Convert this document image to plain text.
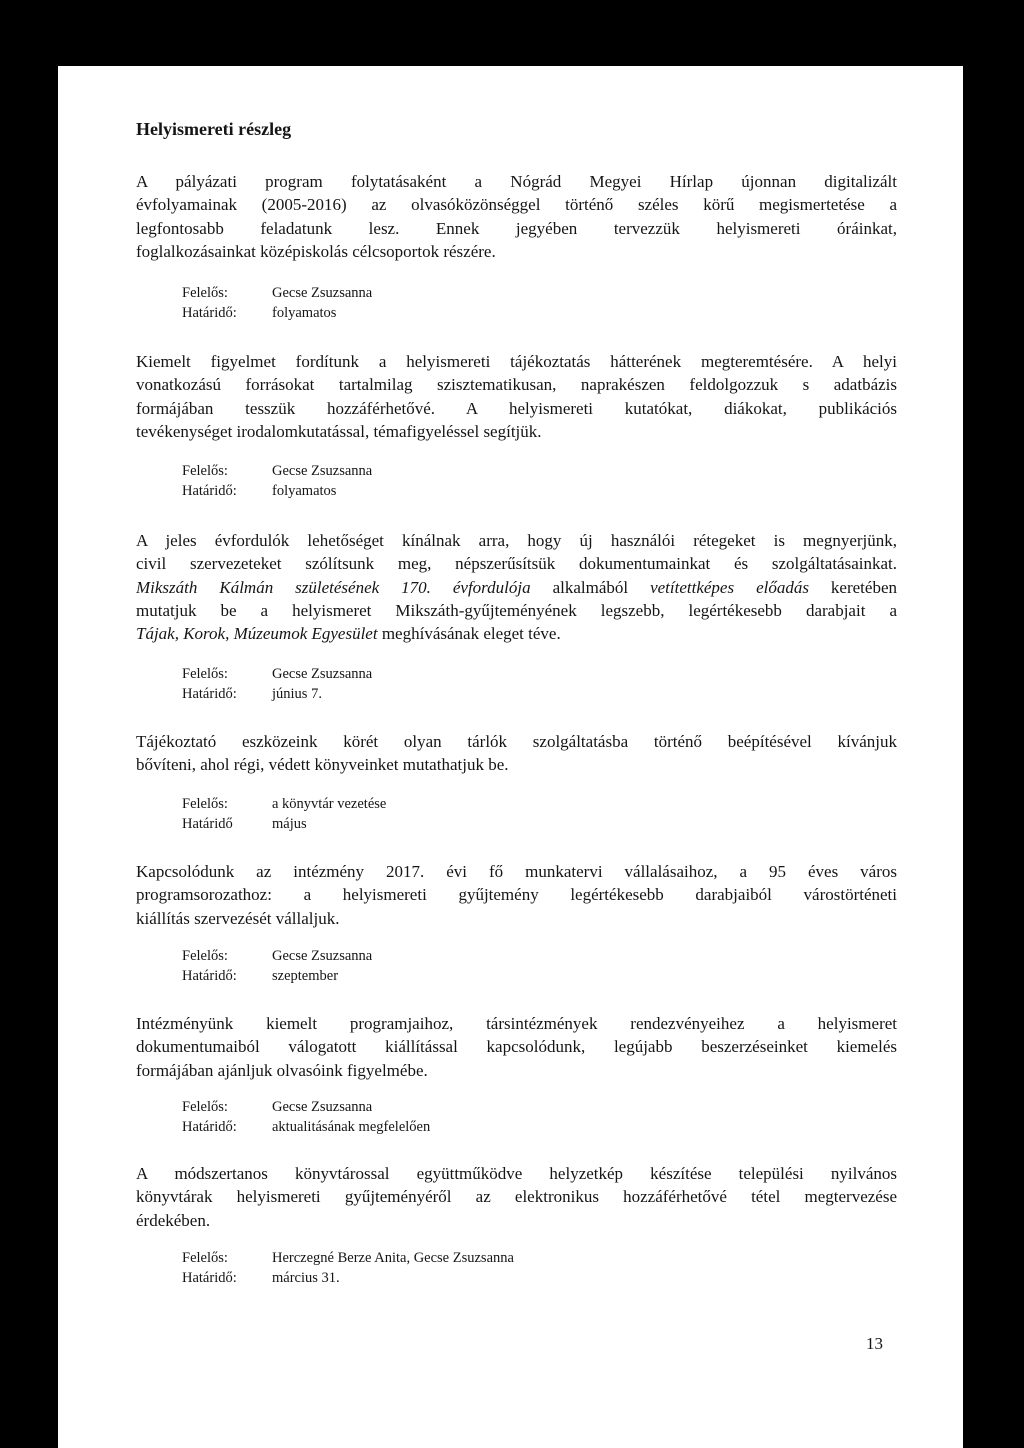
Helyismereti részleg

A pályázati program folytatásaként a Nógrád Megyei Hírlap újonnan digitalizált
évfolyamainak (2005-2016) az olvasóközönséggel történő széles körű megismertetése a
legfontosabb feladatunk lesz. Ennek jegyében tervezzük helyismereti óráinkat,
foglalkozásainkat középiskolás célcsoportok részére.

Felelős:	Gecse Zsuzsanna
Határidő:	folyamatos

Kiemelt figyelmet fordítunk a helyismereti tájékoztatás hátterének megteremtésére. A helyi
vonatkozású forrásokat tartalmilag szisztematikusan, naprakészen feldolgozzuk s adatbázis
formájában tesszük hozzáférhetővé. A helyismereti kutatókat, diákokat, publikációs
tevékenységet irodalomkutatással, témafigyeléssel segítjük.

Felelős:	Gecse Zsuzsanna
Határidő:	folyamatos

A jeles évfordulók lehetőséget kínálnak arra, hogy új használói rétegeket is megnyerjünk,
civil szervezeteket szólítsunk meg, népszerűsítsük dokumentumainkat és szolgáltatásainkat.
Mikszáth Kálmán születésének 170. évfordulója alkalmából vetítettképes előadás keretében
mutatjuk be a helyismeret Mikszáth-gyűjteményének legszebb, legértékesebb darabjait a
Tájak, Korok, Múzeumok Egyesület meghívásának eleget téve.

Felelős:	Gecse Zsuzsanna
Határidő:	június 7.

Tájékoztató eszközeink körét olyan tárlók szolgáltatásba történő beépítésével kívánjuk
bővíteni, ahol régi, védett könyveinket mutathatjuk be.

Felelős:	a könyvtár vezetése
Határidő	május

Kapcsolódunk az intézmény 2017. évi fő munkatervi vállalásaihoz, a 95 éves város
programsorozathoz: a helyismereti gyűjtemény legértékesebb darabjaiból várostörténeti
kiállítás szervezését vállaljuk.

Felelős:	Gecse Zsuzsanna
Határidő:	szeptember

Intézményünk kiemelt programjaihoz, társintézmények rendezvényeihez a helyismeret
dokumentumaiból válogatott kiállítással kapcsolódunk, legújabb beszerzéseinket kiemelés
formájában ajánljuk olvasóink figyelmébe.

Felelős:	Gecse Zsuzsanna
Határidő:	aktualitásának megfelelően

A módszertanos könyvtárossal együttműködve helyzetkép készítése települési nyilvános
könyvtárak helyismereti gyűjteményéről az elektronikus hozzáférhetővé tétel megtervezése
érdekében.

Felelős:	Herczegné Berze Anita, Gecse Zsuzsanna
Határidő:	március 31.
13
